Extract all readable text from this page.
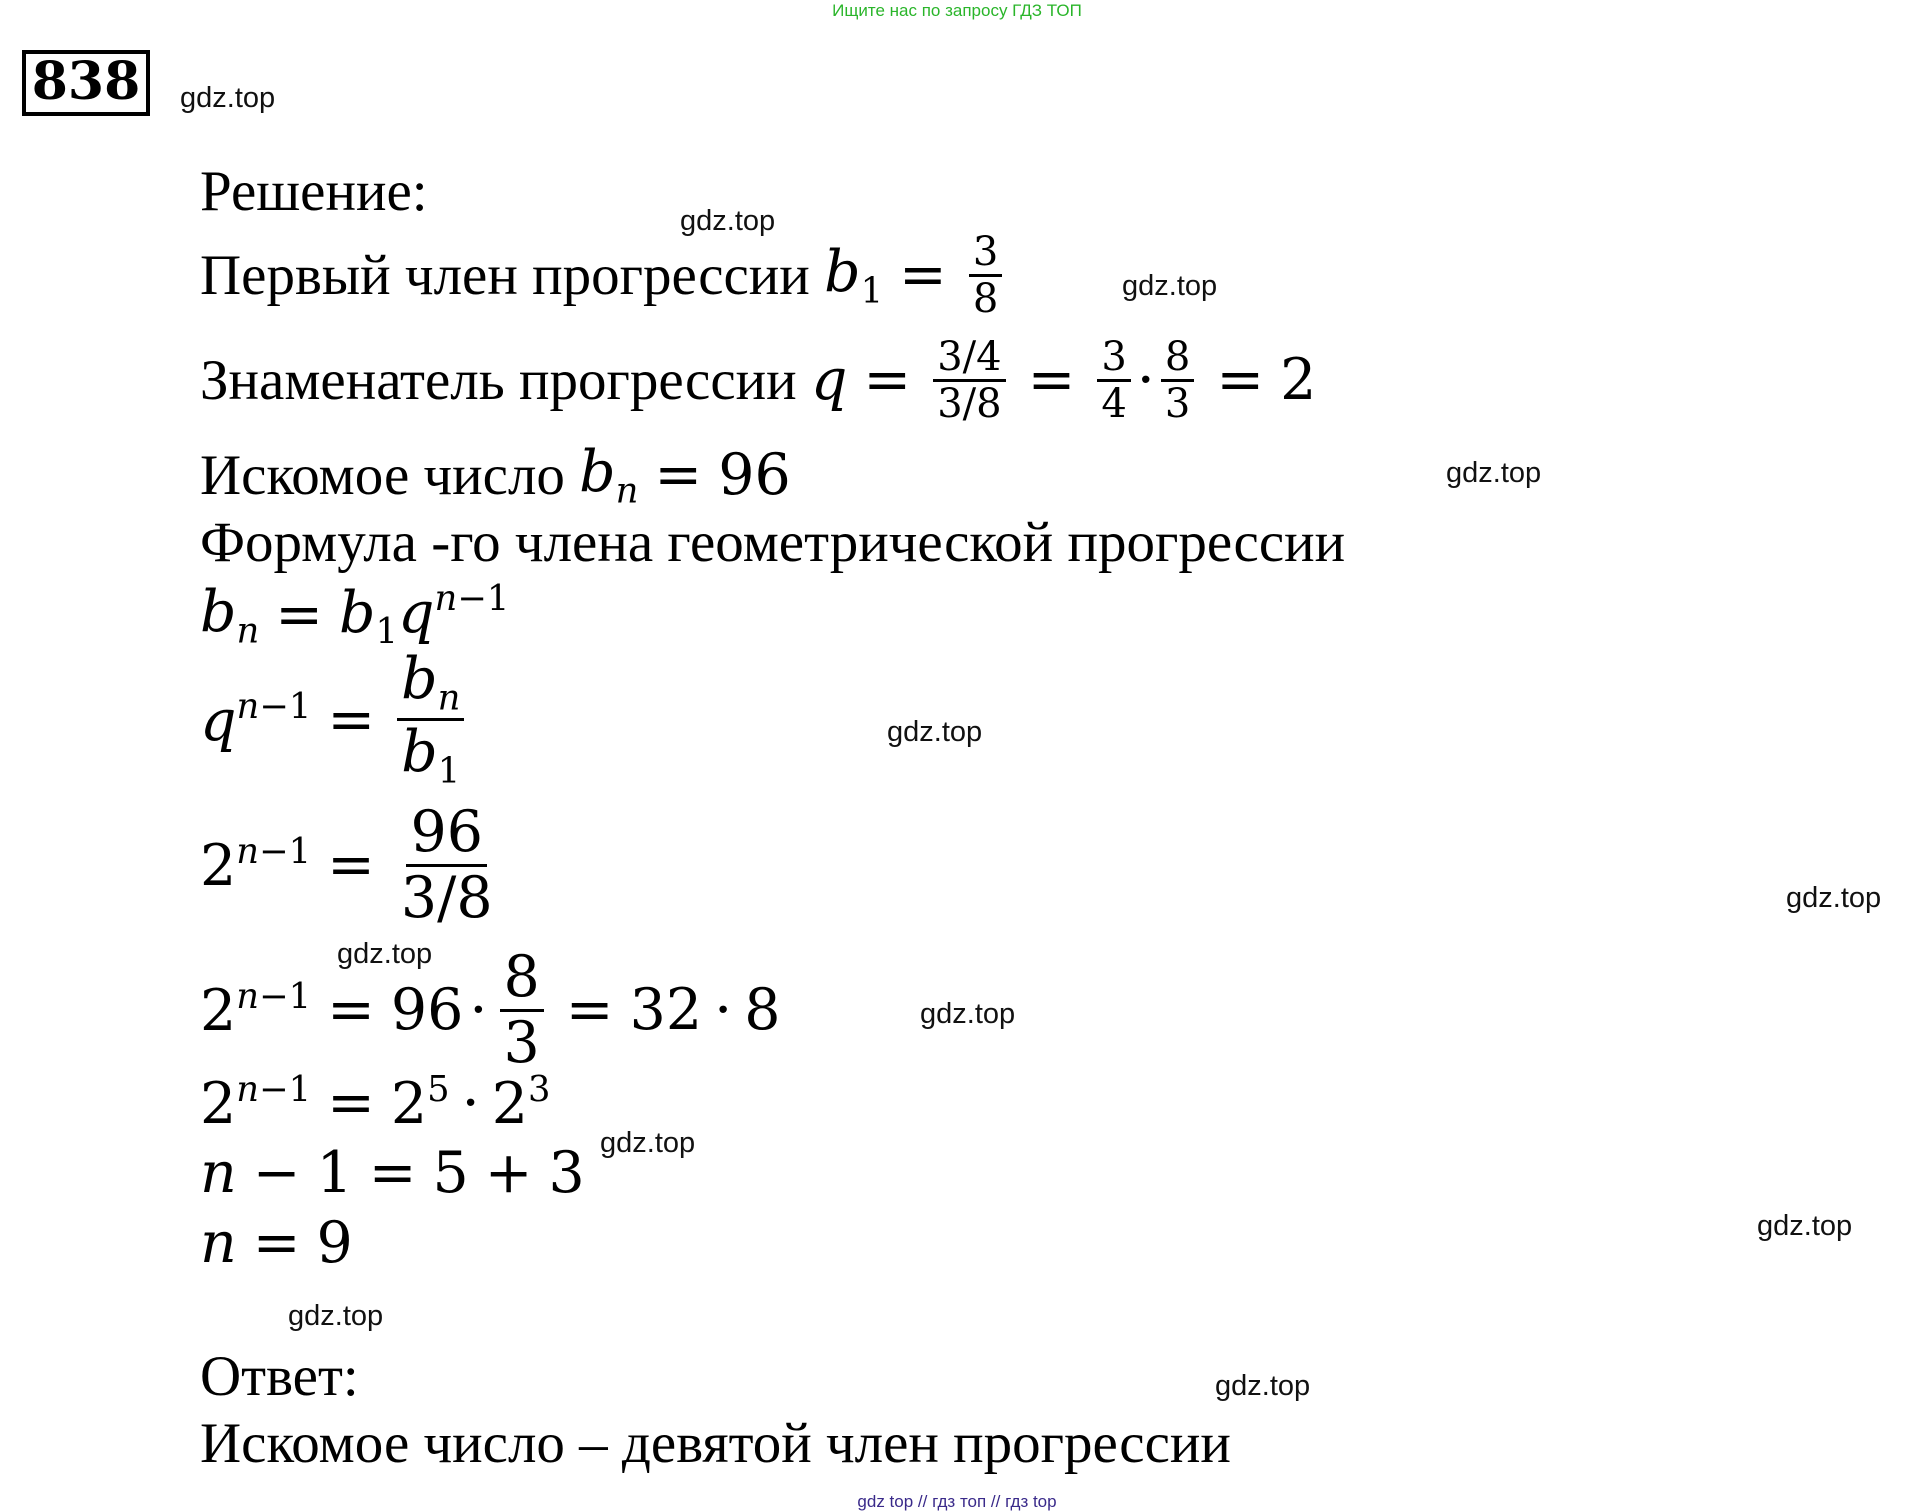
Ищите нас по запросу ГДЗ ТОП
838	gdz.top
gdz.top
gdz.top
gdz.top
gdz.top
gdz.top
gdz.top
gdz.top
gdz.top
gdz.top
gdz.top
gdz.top
Решение:
Первый член прогрессии
$b_1 = \frac{3}{8}$
Знаменатель прогрессии
$q = \frac{3/4}{3/8} = \frac{3}{4} \cdot \frac{8}{3} = 2$
Искомое число
$b_n = 96$
Формула -го члена геометрической прогрессии
$b_n = b_1q^{n-1}$
$q^{n-1} = \frac{b_n}{b_1}$
$2^{n-1} = \frac{96}{3/8}$
$2^{n-1} = 96 \cdot \frac{8}{3} = 32 \cdot 8$
$2^{n-1} = 2^5 \cdot 2^3$
n − 1 = 5 + 3
n = 9
Ответ:
Искомое число – девятой член прогрессии
gdz top // гдз топ // гдз top
